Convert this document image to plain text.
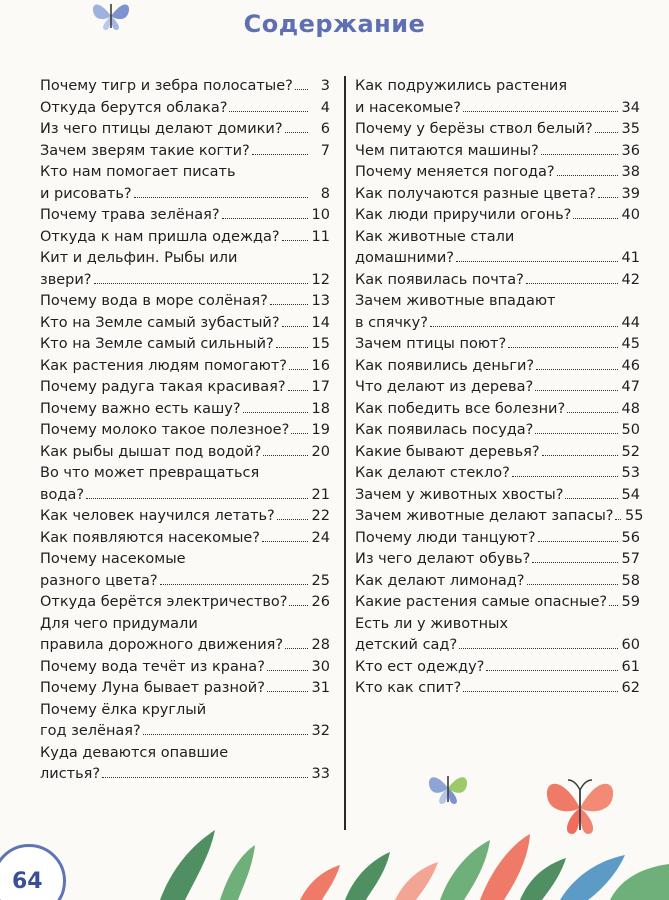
Содержание
Почему тигр и зебра полосатые?	3
Откуда берутся облака?	4
Из чего птицы делают домики?	6
Зачем зверям такие когти?	7
Кто нам помогает писать
и рисовать?	8
Почему трава зелёная?	10
Откуда к нам пришла одежда? 11
Кит и дельфин. Рыбы или
звери?	12
Почему вода в море солёная?	13
Кто на Земле самый зубастый? 14
Кто на Земле самый сильный?	15
Как растения людям помогают? 16
Почему радуга такая красивая? 17
Почему важно есть кашу?	18
Почему молоко такое полезное? 19
Как рыбы дышат под водой?	20
Во что может превращаться
вода?	21
Как человек научился летать?	22
Как появляются насекомые?	24
Почему насекомые
разного цвета?	25
Откуда берётся электричество? 26
Для чего придумали
правила дорожного движения? 28
Почему вода течёт из крана?	30
Почему Луна бывает разной?	31
Почему ёлка круглый
год зелёная?	32
Куда деваются опавшие
листья?	33
Как подружились растения
и насекомые?	34
Почему у берёзы ствол белый? 35
Чем питаются машины?	36
Почему меняется погода?	38
Как получаются разные цвета? 39
Как люди приручили огонь?	40
Как животные стали
домашними?	41
Как появилась почта?	42
Зачем животные впадают
в спячку?	44
Зачем птицы поют?	45
Как появились деньги?	46
Что делают из дерева?	47
Как победить все болезни?	48
Как появилась посуда?	50
Какие бывают деревья?	52
Как делают стекло?	53
Зачем у животных хвосты?	54
Зачем животные делают запасы? 55
Почему люди танцуют?	56
Из чего делают обувь?	57
Как делают лимонад?	58
Какие растения самые опасные? 59
Есть ли у животных
детский сад?	60
Кто ест одежду?	61
Кто как спит?	62
64
